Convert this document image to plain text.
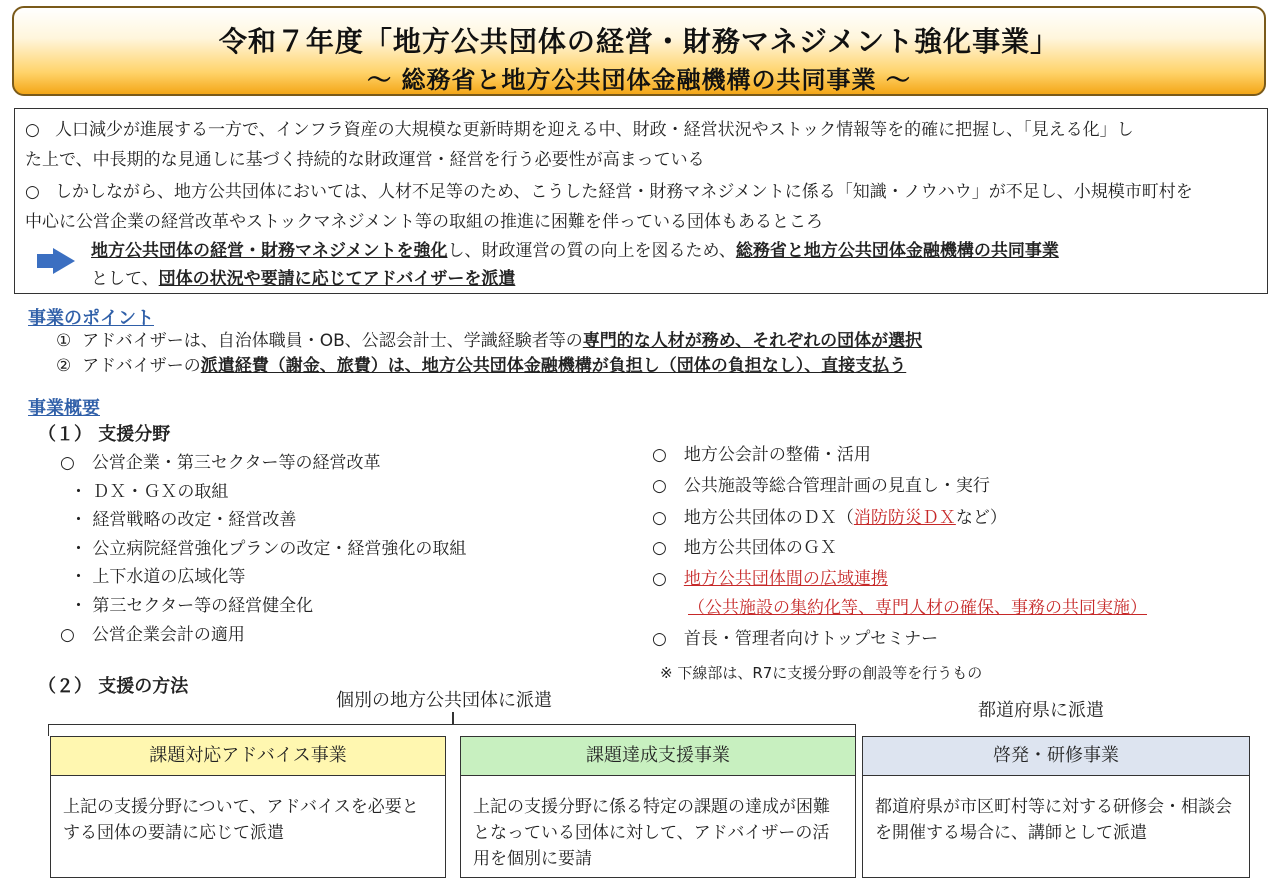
令和７年度「地方公共団体の経営・財務マネジメント強化事業」
～ 総務省と地方公共団体金融機構の共同事業 ～
○ 人口減少が進展する一方で、インフラ資産の大規模な更新時期を迎える中、財政・経営状況やストック情報等を的確に把握し、「見える化」し
た上で、中長期的な見通しに基づく持続的な財政運営・経営を行う必要性が高まっている
○ しかしながら、地方公共団体においては、人材不足等のため、こうした経営・財務マネジメントに係る「知識・ノウハウ」が不足し、小規模市町村を
中心に公営企業の経営改革やストックマネジメント等の取組の推進に困難を伴っている団体もあるところ
地方公共団体の経営・財務マネジメントを強化し、財政運営の質の向上を図るため、総務省と地方公共団体金融機構の共同事業
として、団体の状況や要請に応じてアドバイザーを派遣
事業のポイント
① アドバイザーは、自治体職員・OB、公認会計士、学識経験者等の専門的な人材が務め、それぞれの団体が選択
② アドバイザーの派遣経費（謝金、旅費）は、地方公共団体金融機構が負担し（団体の負担なし）、直接支払う
事業概要
（１） 支援分野
○　公営企業・第三セクター等の経営改革
・ ＤＸ・ＧＸの取組
・ 経営戦略の改定・経営改善
・ 公立病院経営強化プランの改定・経営強化の取組
・ 上下水道の広域化等
・ 第三セクター等の経営健全化
○　公営企業会計の適用
○　地方公会計の整備・活用
○　公共施設等総合管理計画の見直し・実行
○　地方公共団体のＤＸ（消防防災ＤＸなど）
○　地方公共団体のＧＸ
○　地方公共団体間の広域連携
（公共施設の集約化等、専門人材の確保、事務の共同実施）
○　首長・管理者向けトップセミナー
※ 下線部は、R7に支援分野の創設等を行うもの
（２） 支援の方法
個別の地方公共団体に派遣	都道府県に派遣
課題対応アドバイス事業
上記の支援分野について、アドバイスを必要とする団体の要請に応じて派遣
課題達成支援事業
上記の支援分野に係る特定の課題の達成が困難となっている団体に対して、アドバイザーの活用を個別に要請
啓発・研修事業
都道府県が市区町村等に対する研修会・相談会を開催する場合に、講師として派遣
